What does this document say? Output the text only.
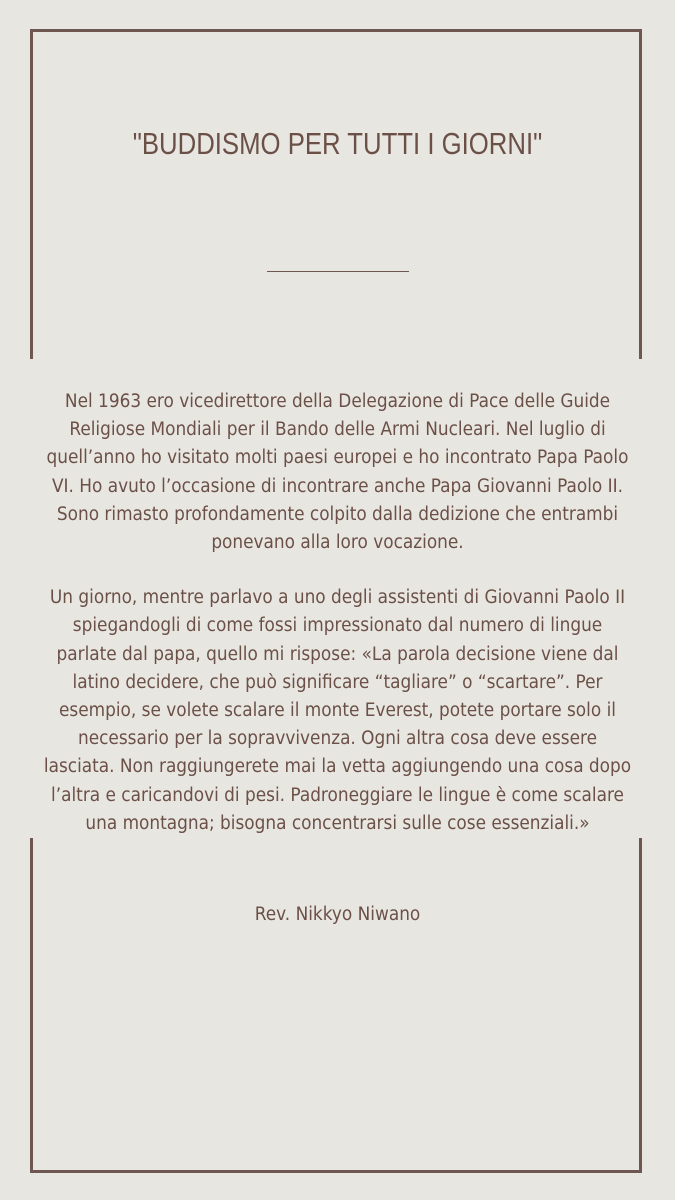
"BUDDISMO PER TUTTI I GIORNI"

Nel 1963 ero vicedirettore della Delegazione di Pace delle Guide Religiose Mondiali per il Bando delle Armi Nucleari. Nel luglio di quell’anno ho visitato molti paesi europei e ho incontrato Papa Paolo VI. Ho avuto l’occasione di incontrare anche Papa Giovanni Paolo II. Sono rimasto profondamente colpito dalla dedizione che entrambi ponevano alla loro vocazione.

Un giorno, mentre parlavo a uno degli assistenti di Giovanni Paolo II spiegandogli di come fossi impressionato dal numero di lingue parlate dal papa, quello mi rispose: «La parola decisione viene dal latino decidere, che può significare “tagliare” o “scartare”. Per esempio, se volete scalare il monte Everest, potete portare solo il necessario per la sopravvivenza. Ogni altra cosa deve essere lasciata. Non raggiungerete mai la vetta aggiungendo una cosa dopo l’altra e caricandovi di pesi. Padroneggiare le lingue è come scalare una montagna; bisogna concentrarsi sulle cose essenziali.»

Rev. Nikkyo Niwano
